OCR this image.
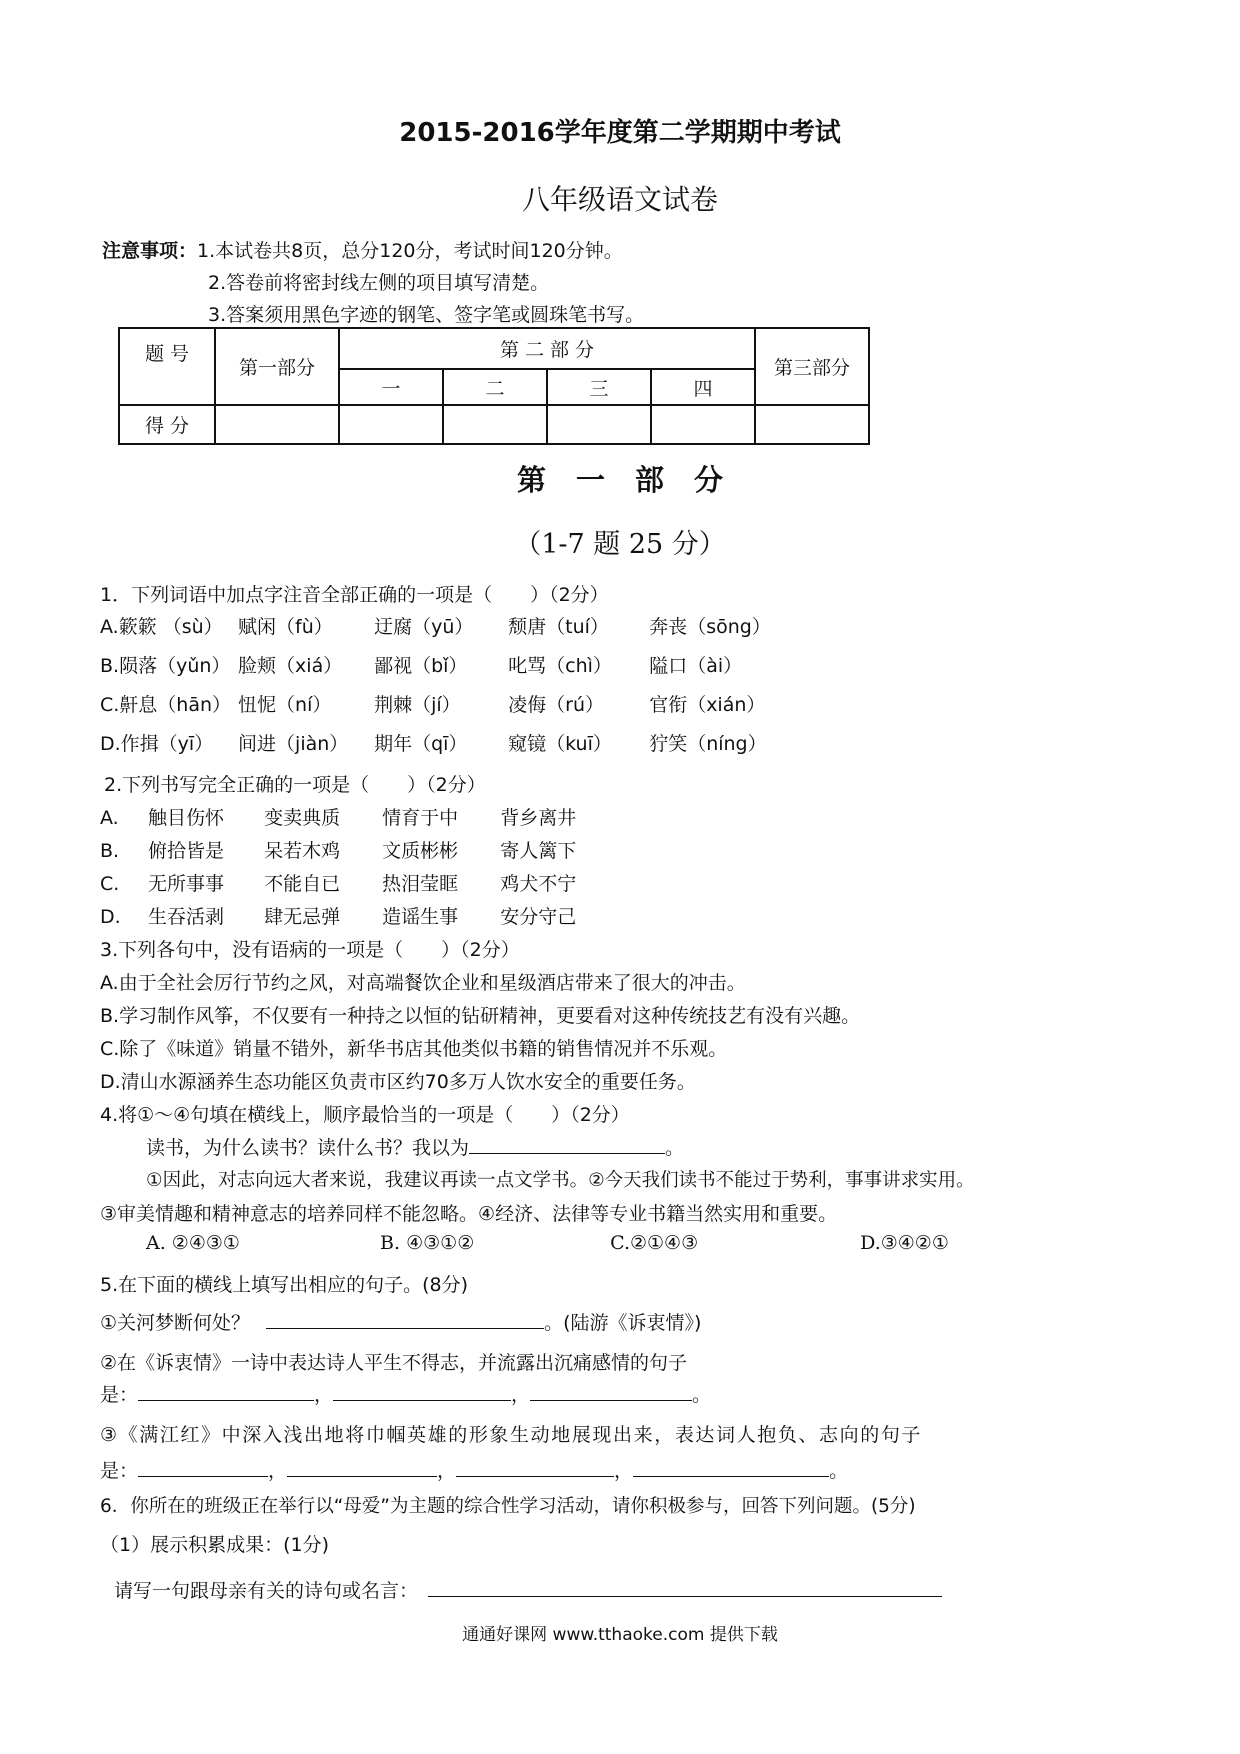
2015-2016学年度第二学期期中考试
八年级语文试卷
注意事项：1.本试卷共8页，总分120分，考试时间120分钟。
2.答卷前将密封线左侧的项目填写清楚。
3.答案须用黑色字迹的钢笔、签字笔或圆珠笔书写。
题 号	第一部分	第 二 部 分				第三部分
		一	二	三	四	
得 分						
第一部分
（1-7 题 25 分）
1．下列词语中加点字注音全部正确的一项是（　　）（2分）
A.簌簌 （sù） 赋闲（fù） 迂腐（yū） 颓唐（tuí） 奔丧（sōng）
B.陨落（yǔn） 脸颊（xiá） 鄙视（bǐ） 叱骂（chì） 隘口（ài）
C.鼾息（hān） 忸怩（ní） 荆棘（jí） 凌侮（rú） 官衔（xián）
D.作揖（yī） 间进（jiàn） 期年（qī） 窥镜（kuī） 狞笑（níng）
2.下列书写完全正确的一项是（　　）（2分）
A. 触目伤怀 变卖典质 情育于中 背乡离井
B. 俯拾皆是 呆若木鸡 文质彬彬 寄人篱下
C. 无所事事 不能自已 热泪莹眶 鸡犬不宁
D. 生吞活剥 肆无忌弹 造谣生事 安分守己
3.下列各句中，没有语病的一项是（　　）（2分）
A.由于全社会厉行节约之风，对高端餐饮企业和星级酒店带来了很大的冲击。
B.学习制作风筝，不仅要有一种持之以恒的钻研精神，更要看对这种传统技艺有没有兴趣。
C.除了《味道》销量不错外，新华书店其他类似书籍的销售情况并不乐观。
D.清山水源涵养生态功能区负责市区约70多万人饮水安全的重要任务。
4.将①～④句填在横线上，顺序最恰当的一项是（　　）（2分）
读书，为什么读书？读什么书？我以为	。
①因此，对志向远大者来说，我建议再读一点文学书。②今天我们读书不能过于势利，事事讲求实用。
③审美情趣和精神意志的培养同样不能忽略。④经济、法律等专业书籍当然实用和重要。
A. ②④③①	B. ④③①②	C.②①④③	D.③④②①
5.在下面的横线上填写出相应的句子。(8分)
①关河梦断何处？	。(陆游《诉衷情》)
②在《诉衷情》一诗中表达诗人平生不得志，并流露出沉痛感情的句子
是：	，	，	。
③《满江红》中深入浅出地将巾帼英雄的形象生动地展现出来，表达词人抱负、志向的句子
是：	，	，	，	。
6．你所在的班级正在举行以“母爱”为主题的综合性学习活动，请你积极参与，回答下列问题。(5分)
（1）展示积累成果：(1分)
请写一句跟母亲有关的诗句或名言：
通通好课网 www.tthaoke.com 提供下载
